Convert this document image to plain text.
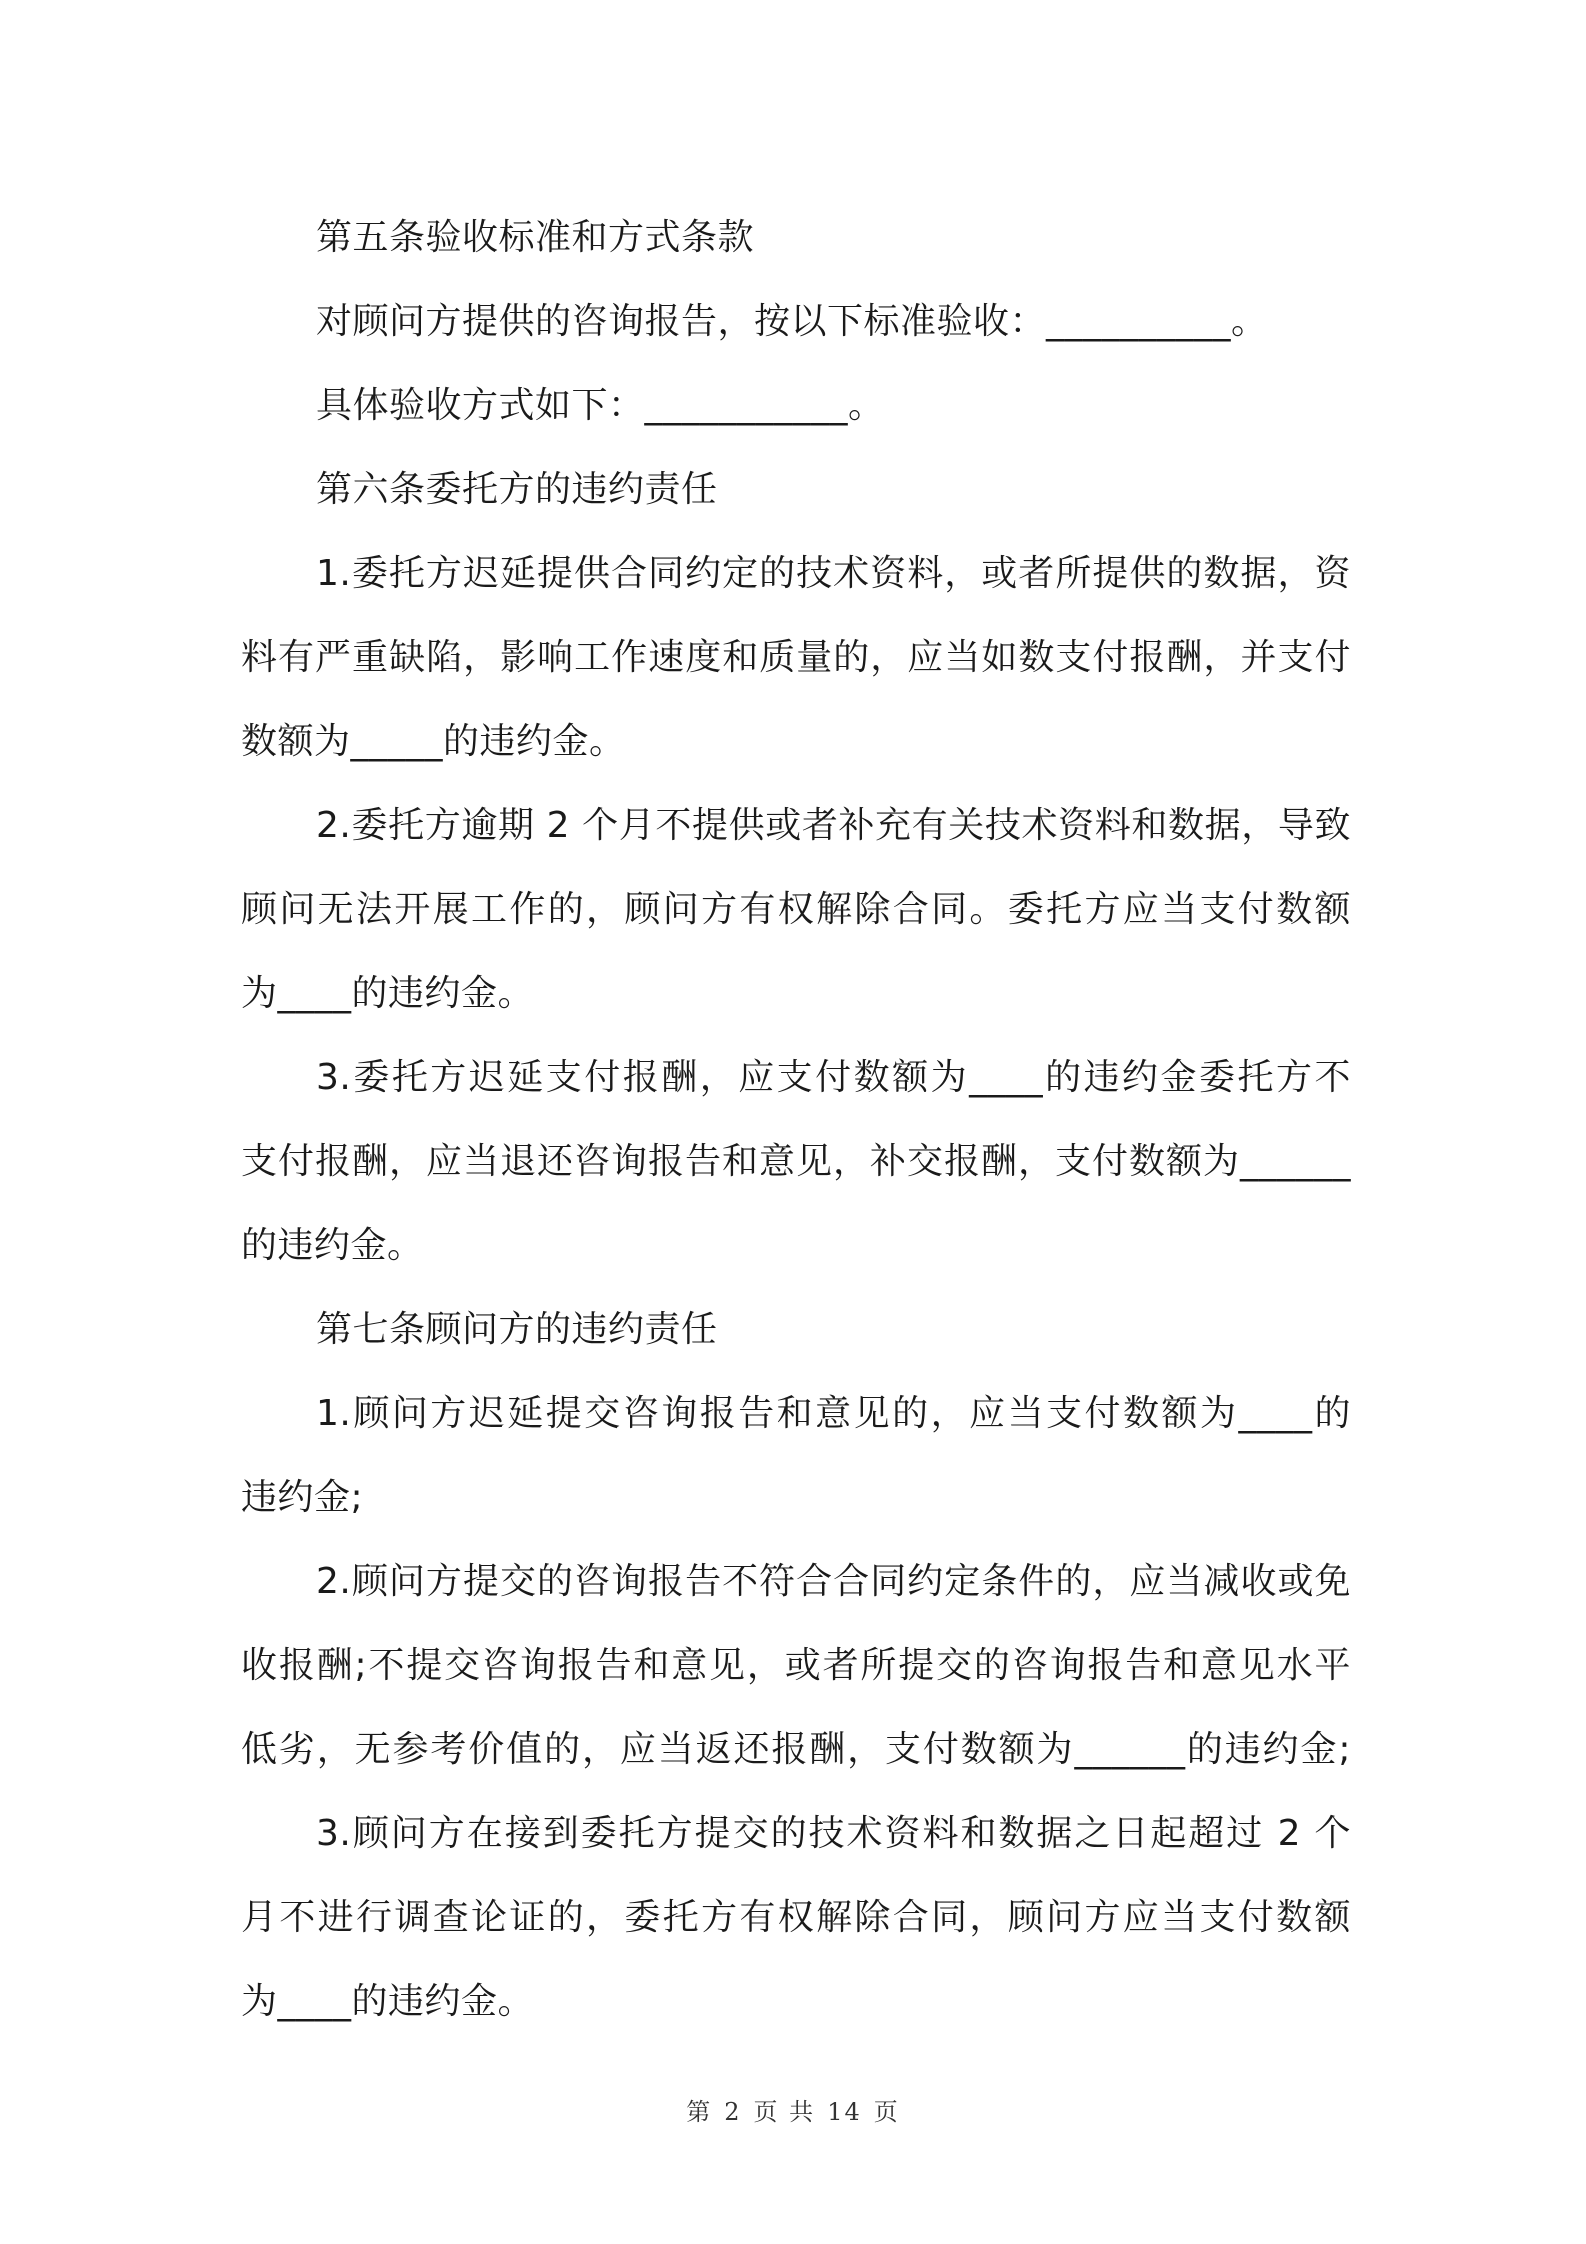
第五条验收标准和方式条款
对顾问方提供的咨询报告，按以下标准验收：__________。
具体验收方式如下：___________。
第六条委托方的违约责任
1.委托方迟延提供合同约定的技术资料，或者所提供的数据，资
料有严重缺陷，影响工作速度和质量的，应当如数支付报酬，并支付
数额为_____的违约金。
2.委托方逾期 2 个月不提供或者补充有关技术资料和数据，导致
顾问无法开展工作的，顾问方有权解除合同。委托方应当支付数额
为____的违约金。
3.委托方迟延支付报酬，应支付数额为____的违约金委托方不
支付报酬，应当退还咨询报告和意见，补交报酬，支付数额为______
的违约金。
第七条顾问方的违约责任
1.顾问方迟延提交咨询报告和意见的，应当支付数额为____的
违约金;
2.顾问方提交的咨询报告不符合合同约定条件的，应当减收或免
收报酬;不提交咨询报告和意见，或者所提交的咨询报告和意见水平
低劣，无参考价值的，应当返还报酬，支付数额为______的违约金;
3.顾问方在接到委托方提交的技术资料和数据之日起超过 2 个
月不进行调查论证的，委托方有权解除合同，顾问方应当支付数额
为____的违约金。
第 2 页 共 14 页
